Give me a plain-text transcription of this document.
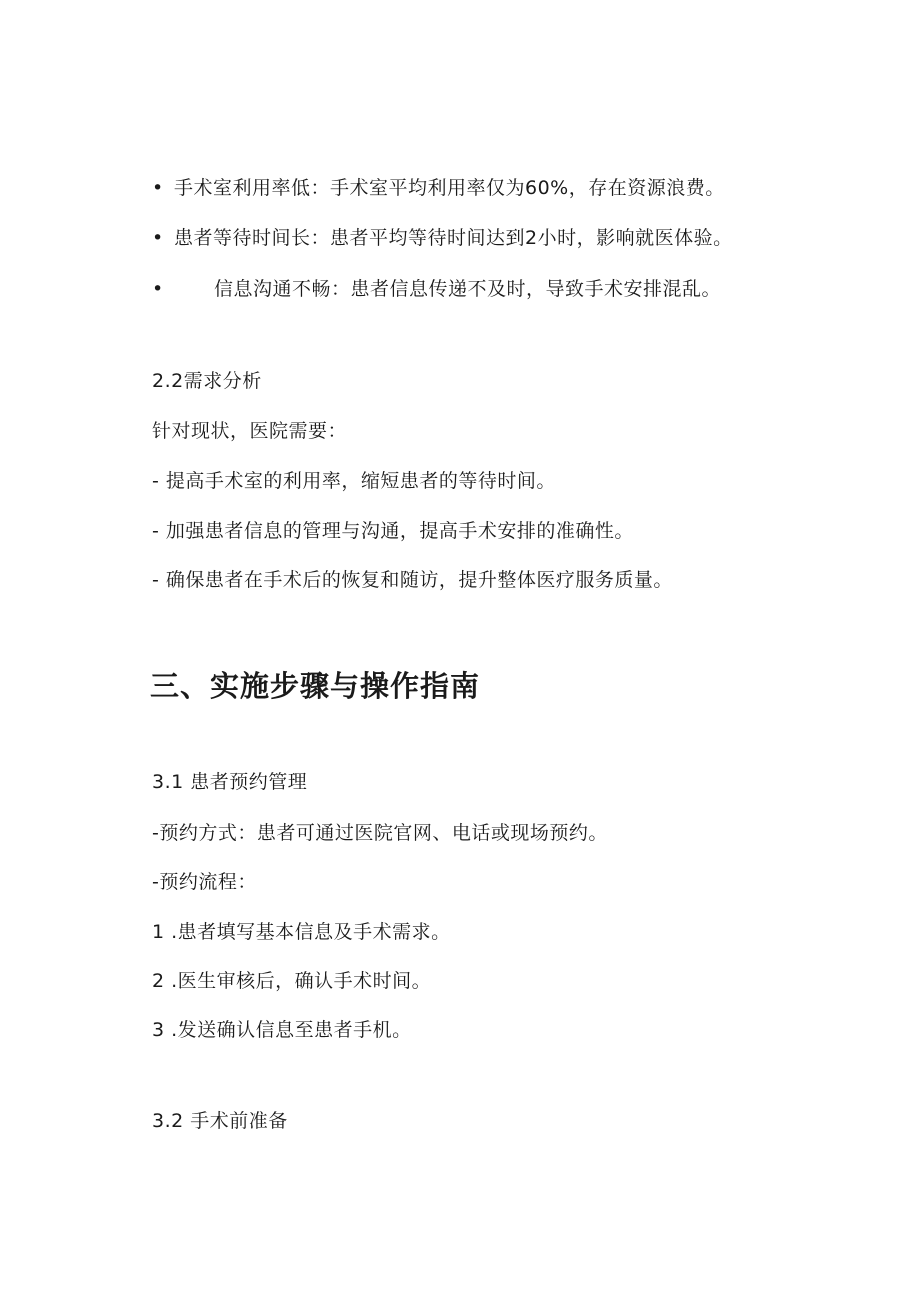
• 手术室利用率低：手术室平均利用率仅为60%，存在资源浪费。
• 患者等待时间长：患者平均等待时间达到2小时，影响就医体验。
•	信息沟通不畅：患者信息传递不及时，导致手术安排混乱。
2.2需求分析
针对现状，医院需要：
- 提高手术室的利用率，缩短患者的等待时间。
- 加强患者信息的管理与沟通，提高手术安排的准确性。
- 确保患者在手术后的恢复和随访，提升整体医疗服务质量。
三、实施步骤与操作指南
3.1 患者预约管理
-预约方式：患者可通过医院官网、电话或现场预约。
-预约流程：
1 .患者填写基本信息及手术需求。
2 .医生审核后，确认手术时间。
3 .发送确认信息至患者手机。
3.2 手术前准备
